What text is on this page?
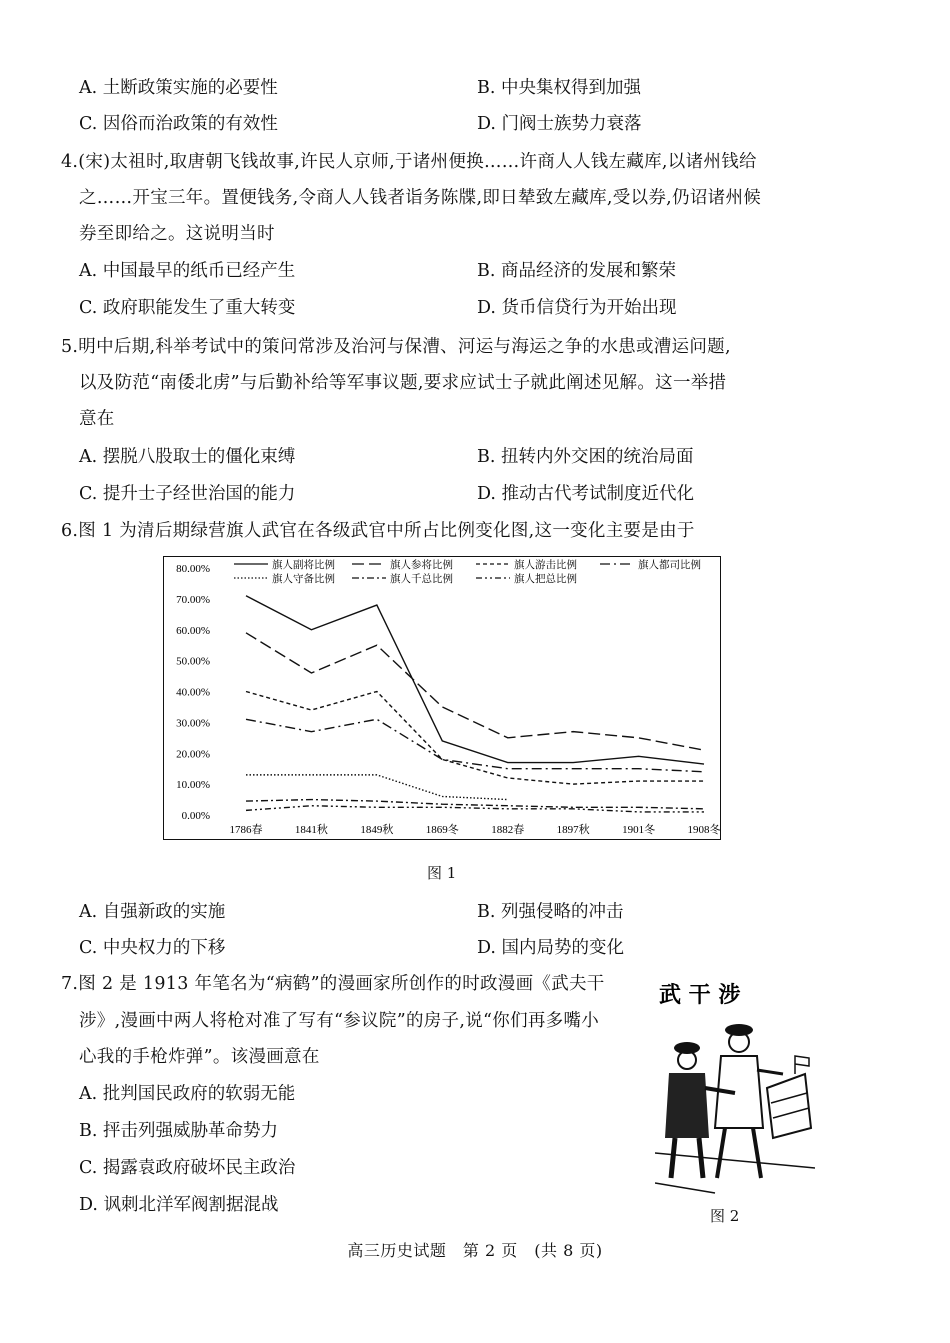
A. 土断政策实施的必要性	B. 中央集权得到加强
C. 因俗而治政策的有效性	D. 门阀士族势力衰落
4.(宋)太祖时,取唐朝飞钱故事,许民人京师,于诸州便换……许商人人钱左藏库,以诸州钱给
之……开宝三年。置便钱务,令商人人钱者诣务陈牒,即日辇致左藏库,受以券,仍诏诸州候
券至即给之。这说明当时
A. 中国最早的纸币已经产生	B. 商品经济的发展和繁荣
C. 政府职能发生了重大转变	D. 货币信贷行为开始出现
5.明中后期,科举考试中的策问常涉及治河与保漕、河运与海运之争的水患或漕运问题,
以及防范“南倭北虏”与后勤补给等军事议题,要求应试士子就此阐述见解。这一举措
意在
A. 摆脱八股取士的僵化束缚	B. 扭转内外交困的统治局面
C. 提升士子经世治国的能力	D. 推动古代考试制度近代化
6.图 1 为清后期绿营旗人武官在各级武官中所占比例变化图,这一变化主要是由于
80.00%
70.00%
60.00%
50.00%
40.00%
30.00%
20.00%
10.00%
0.00%
1786春	1841秋	1849秋	1869冬	1882春	1897秋	1901冬	1908冬
旗人副将比例	旗人参将比例	旗人游击比例	旗人都司比例
旗人守备比例	旗人千总比例	旗人把总比例
图 1
A. 自强新政的实施	B. 列强侵略的冲击
C. 中央权力的下移	D. 国内局势的变化
7.图 2 是 1913 年笔名为“病鹤”的漫画家所创作的时政漫画《武夫干
涉》,漫画中两人将枪对准了写有“参议院”的房子,说“你们再多嘴小
心我的手枪炸弹”。该漫画意在
A. 批判国民政府的软弱无能
B. 抨击列强威胁革命势力
C. 揭露袁政府破坏民主政治
D. 讽刺北洋军阀割据混战
武 干 涉
图 2
高三历史试题　第 2 页　(共 8 页)
